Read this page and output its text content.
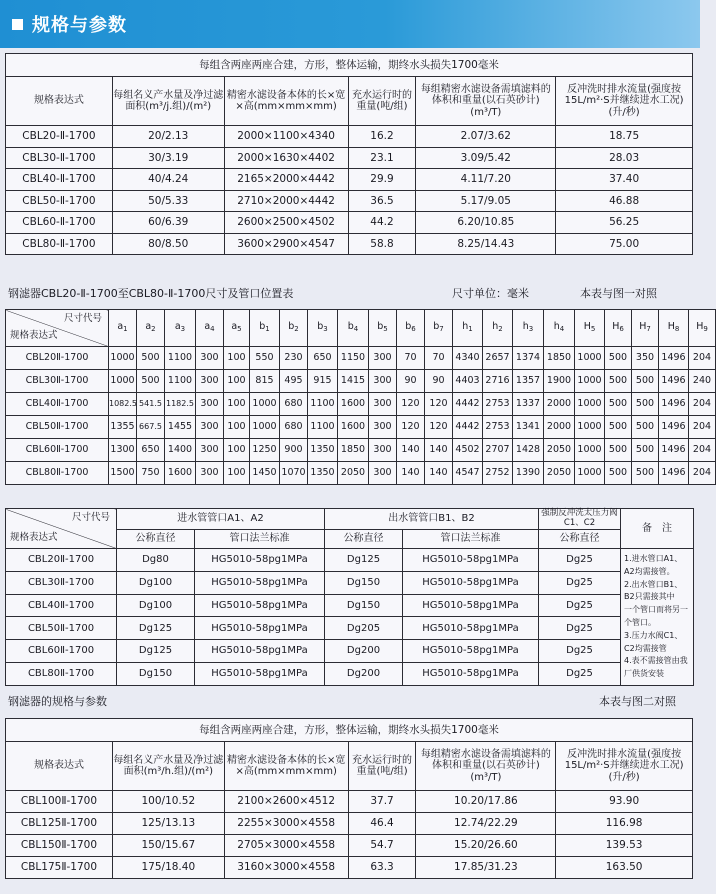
规格与参数
每组含两座两座合建，方形，整体运输，期终水头损失1700毫米					
规格表达式	每组名义产水量及净过滤面积(m³/j.组)/(m²)	精密水滤设备本体的长×宽×高(mm×mm×mm)	充水运行时的重量(吨/组)	每组精密水滤设备需填滤料的体积和重量(以石英砂计)(m³/T)	反冲洗时排水流量(强度按15L/m²·S并继续进水工况)(升/秒)
CBL20-Ⅱ-1700	20/2.13	2000×1100×4340	16.2	2.07/3.62	18.75
CBL30-Ⅱ-1700	30/3.19	2000×1630×4402	23.1	3.09/5.42	28.03
CBL40-Ⅱ-1700	40/4.24	2165×2000×4442	29.9	4.11/7.20	37.40
CBL50-Ⅱ-1700	50/5.33	2710×2000×4442	36.5	5.17/9.05	46.88
CBL60-Ⅱ-1700	60/6.39	2600×2500×4502	44.2	6.20/10.85	56.25
CBL80-Ⅱ-1700	80/8.50	3600×2900×4547	58.8	8.25/14.43	75.00
钢滤器CBL20-Ⅱ-1700至CBL80-Ⅱ-1700尺寸及管口位置表	尺寸单位：毫米	本表与图一对照
尺寸代号
规格表达式	$a_1$	$a_2$	$a_3$	$a_4$	$a_5$	$b_1$	$b_2$	$b_3$	$b_4$	$b_5$	$b_6$	$b_7$	$h_1$	$h_2$	$h_3$	$h_4$	$H_5$	$H_6$	$H_7$	$H_8$	$H_9$
CBL20Ⅱ-1700	1000	500	1100	300	100	550	230	650	1150	300	70	70	4340	2657	1374	1850	1000	500	350	1496	204
CBL30Ⅱ-1700	1000	500	1100	300	100	815	495	915	1415	300	90	90	4403	2716	1357	1900	1000	500	500	1496	240
CBL40Ⅱ-1700	1082.5	541.5	1182.5	300	100	1000	680	1100	1600	300	120	120	4442	2753	1337	2000	1000	500	500	1496	204
CBL50Ⅱ-1700	1355	667.5	1455	300	100	1000	680	1100	1600	300	120	120	4442	2753	1341	2000	1000	500	500	1496	204
CBL60Ⅱ-1700	1300	650	1400	300	100	1250	900	1350	1850	300	140	140	4502	2707	1428	2050	1000	500	500	1496	204
CBL80Ⅱ-1700	1500	750	1600	300	100	1450	1070	1350	2050	300	140	140	4547	2752	1390	2050	1000	500	500	1496	204
尺寸代号
规格表达式	进水管管口A1、A2		出水管管口B1、B2		强制反冲洗太压力阀C1、C2	备　注
	公称直径	管口法兰标准	公称直径	管口法兰标准	公称直径	
CBL20Ⅱ-1700	Dg80	HG5010-58pg1MPa	Dg125	HG5010-58pg1MPa	Dg25	1.进水管口A1、A2均需接管。
2.出水管口B1、B2只需接其中
一个管口而将另一个管口。
3.压力水阀C1、C2均需接管
4.表不需接管由我厂供货安装

CBL30Ⅱ-1700	Dg100	HG5010-58pg1MPa	Dg150	HG5010-58pg1MPa	Dg25	
CBL40Ⅱ-1700	Dg100	HG5010-58pg1MPa	Dg150	HG5010-58pg1MPa	Dg25	
CBL50Ⅱ-1700	Dg125	HG5010-58pg1MPa	Dg205	HG5010-58pg1MPa	Dg25	
CBL60Ⅱ-1700	Dg125	HG5010-58pg1MPa	Dg200	HG5010-58pg1MPa	Dg25	
CBL80Ⅱ-1700	Dg150	HG5010-58pg1MPa	Dg200	HG5010-58pg1MPa	Dg25	
钢滤器的规格与参数	本表与图二对照
每组含两座两座合建，方形，整体运输，期终水头损失1700毫米					
规格表达式	每组名义产水量及净过滤面积(m³/h.组)/(m²)	精密水滤设备本体的长×宽×高(mm×mm×mm)	充水运行时的重量(吨/组)	每组精密水滤设备需填滤料的体积和重量(以石英砂计)(m³/T)	反冲洗时排水流量(强度按15L/m²·S并继续进水工况)(升/秒)
CBL100Ⅱ-1700	100/10.52	2100×2600×4512	37.7	10.20/17.86	93.90
CBL125Ⅱ-1700	125/13.13	2255×3000×4558	46.4	12.74/22.29	116.98
CBL150Ⅱ-1700	150/15.67	2705×3000×4558	54.7	15.20/26.60	139.53
CBL175Ⅱ-1700	175/18.40	3160×3000×4558	63.3	17.85/31.23	163.50
